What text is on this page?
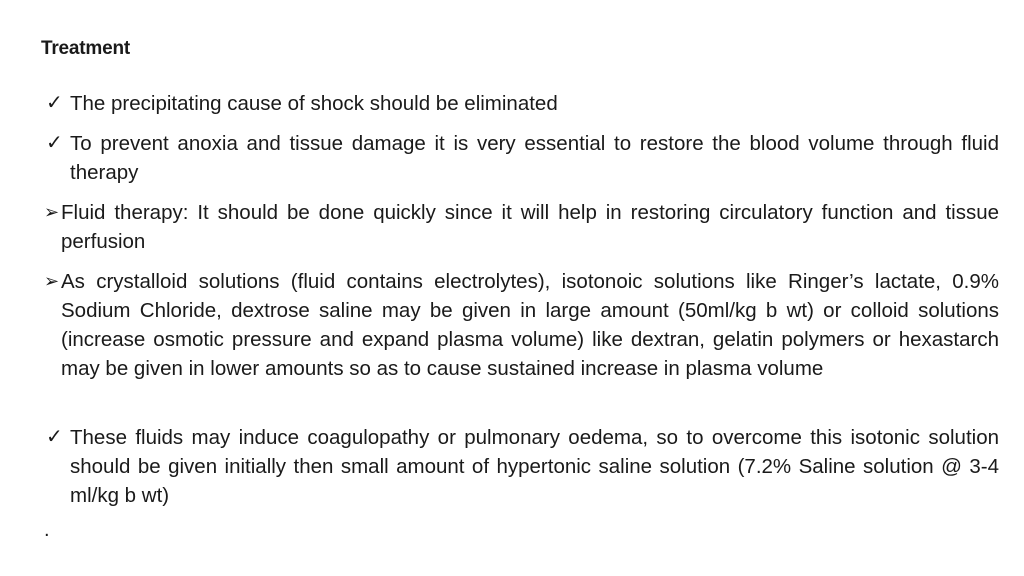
Treatment
✓ The precipitating cause of shock should be eliminated
✓ To prevent anoxia and tissue damage it is very essential to restore the blood volume through fluid therapy
➢ Fluid therapy: It should be done quickly since it will help in restoring circulatory function and tissue perfusion
➢ As crystalloid solutions (fluid contains electrolytes), isotonoic solutions like Ringer’s lactate, 0.9% Sodium Chloride, dextrose saline may be given in large amount (50ml/kg b wt) or colloid solutions (increase osmotic pressure and expand plasma volume) like dextran, gelatin polymers or hexastarch may be given in lower amounts so as to cause sustained increase in plasma volume
✓ These fluids may induce coagulopathy or pulmonary oedema, so to overcome this isotonic solution should be given initially then small amount of hypertonic saline solution (7.2% Saline solution @ 3-4 ml/kg b wt)
.
